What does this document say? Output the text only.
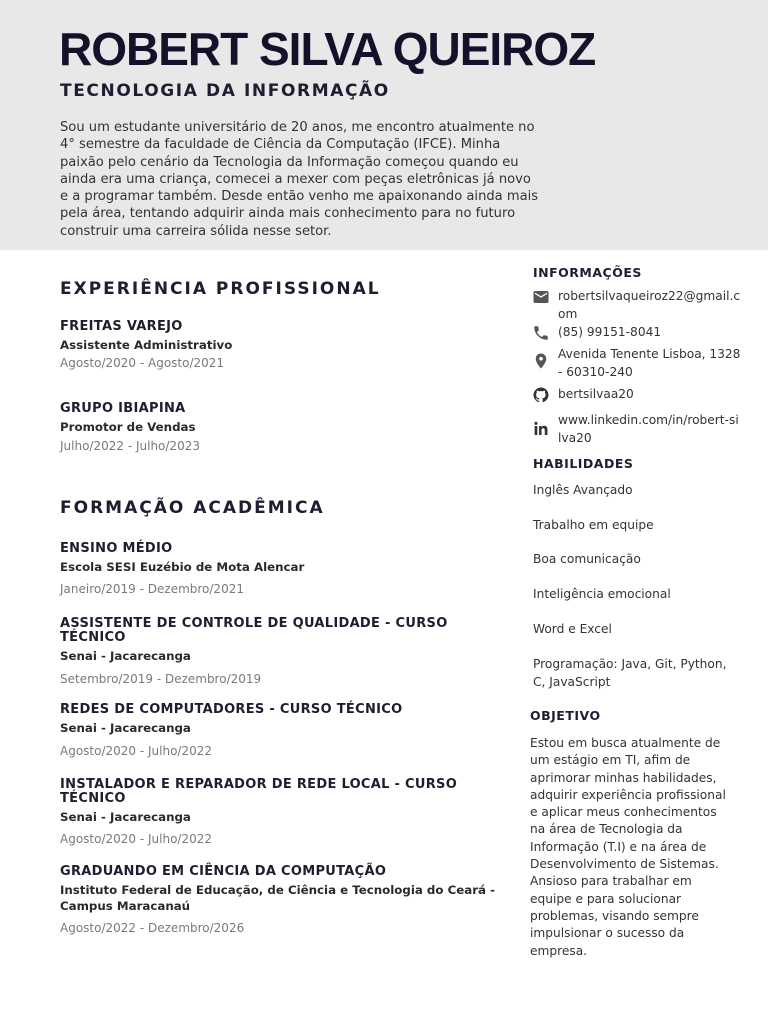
ROBERT SILVA QUEIROZ
TECNOLOGIA DA INFORMAÇÃO
Sou um estudante universitário de 20 anos, me encontro atualmente no 4° semestre da faculdade de Ciência da Computação (IFCE). Minha paixão pelo cenário da Tecnologia da Informação começou quando eu ainda era uma criança, comecei a mexer com peças eletrônicas já novo e a programar também. Desde então venho me apaixonando ainda mais pela área, tentando adquirir ainda mais conhecimento para no futuro construir uma carreira sólida nesse setor.
EXPERIÊNCIA PROFISSIONAL
FREITAS VAREJO
Assistente Administrativo
Agosto/2020 - Agosto/2021
GRUPO IBIAPINA
Promotor de Vendas
Julho/2022 - Julho/2023
FORMAÇÃO ACADÊMICA
ENSINO MÉDIO
Escola SESI Euzébio de Mota Alencar
Janeiro/2019 - Dezembro/2021
ASSISTENTE DE CONTROLE DE QUALIDADE - CURSO TÉCNICO
Senai - Jacarecanga
Setembro/2019 - Dezembro/2019
REDES DE COMPUTADORES - CURSO TÉCNICO
Senai - Jacarecanga
Agosto/2020 - Julho/2022
INSTALADOR E REPARADOR DE REDE LOCAL - CURSO TÉCNICO
Senai - Jacarecanga
Agosto/2020 - Julho/2022
GRADUANDO EM CIÊNCIA DA COMPUTAÇÃO
Instituto Federal de Educação, de Ciência e Tecnologia do Ceará - Campus Maracanaú
Agosto/2022 - Dezembro/2026
INFORMAÇÕES
robertsilvaqueiroz22@gmail.com
(85) 99151-8041
Avenida Tenente Lisboa, 1328 - 60310-240
bertsilvaa20
www.linkedin.com/in/robert-silva20
HABILIDADES
Inglês Avançado
Trabalho em equipe
Boa comunicação
Inteligência emocional
Word e Excel
Programação: Java, Git, Python, C, JavaScript
OBJETIVO
Estou em busca atualmente de um estágio em TI, afim de aprimorar minhas habilidades, adquirir experiência profissional e aplicar meus conhecimentos na área de Tecnologia da Informação (T.I) e na área de Desenvolvimento de Sistemas. Ansioso para trabalhar em equipe e para solucionar problemas, visando sempre impulsionar o sucesso da empresa.
